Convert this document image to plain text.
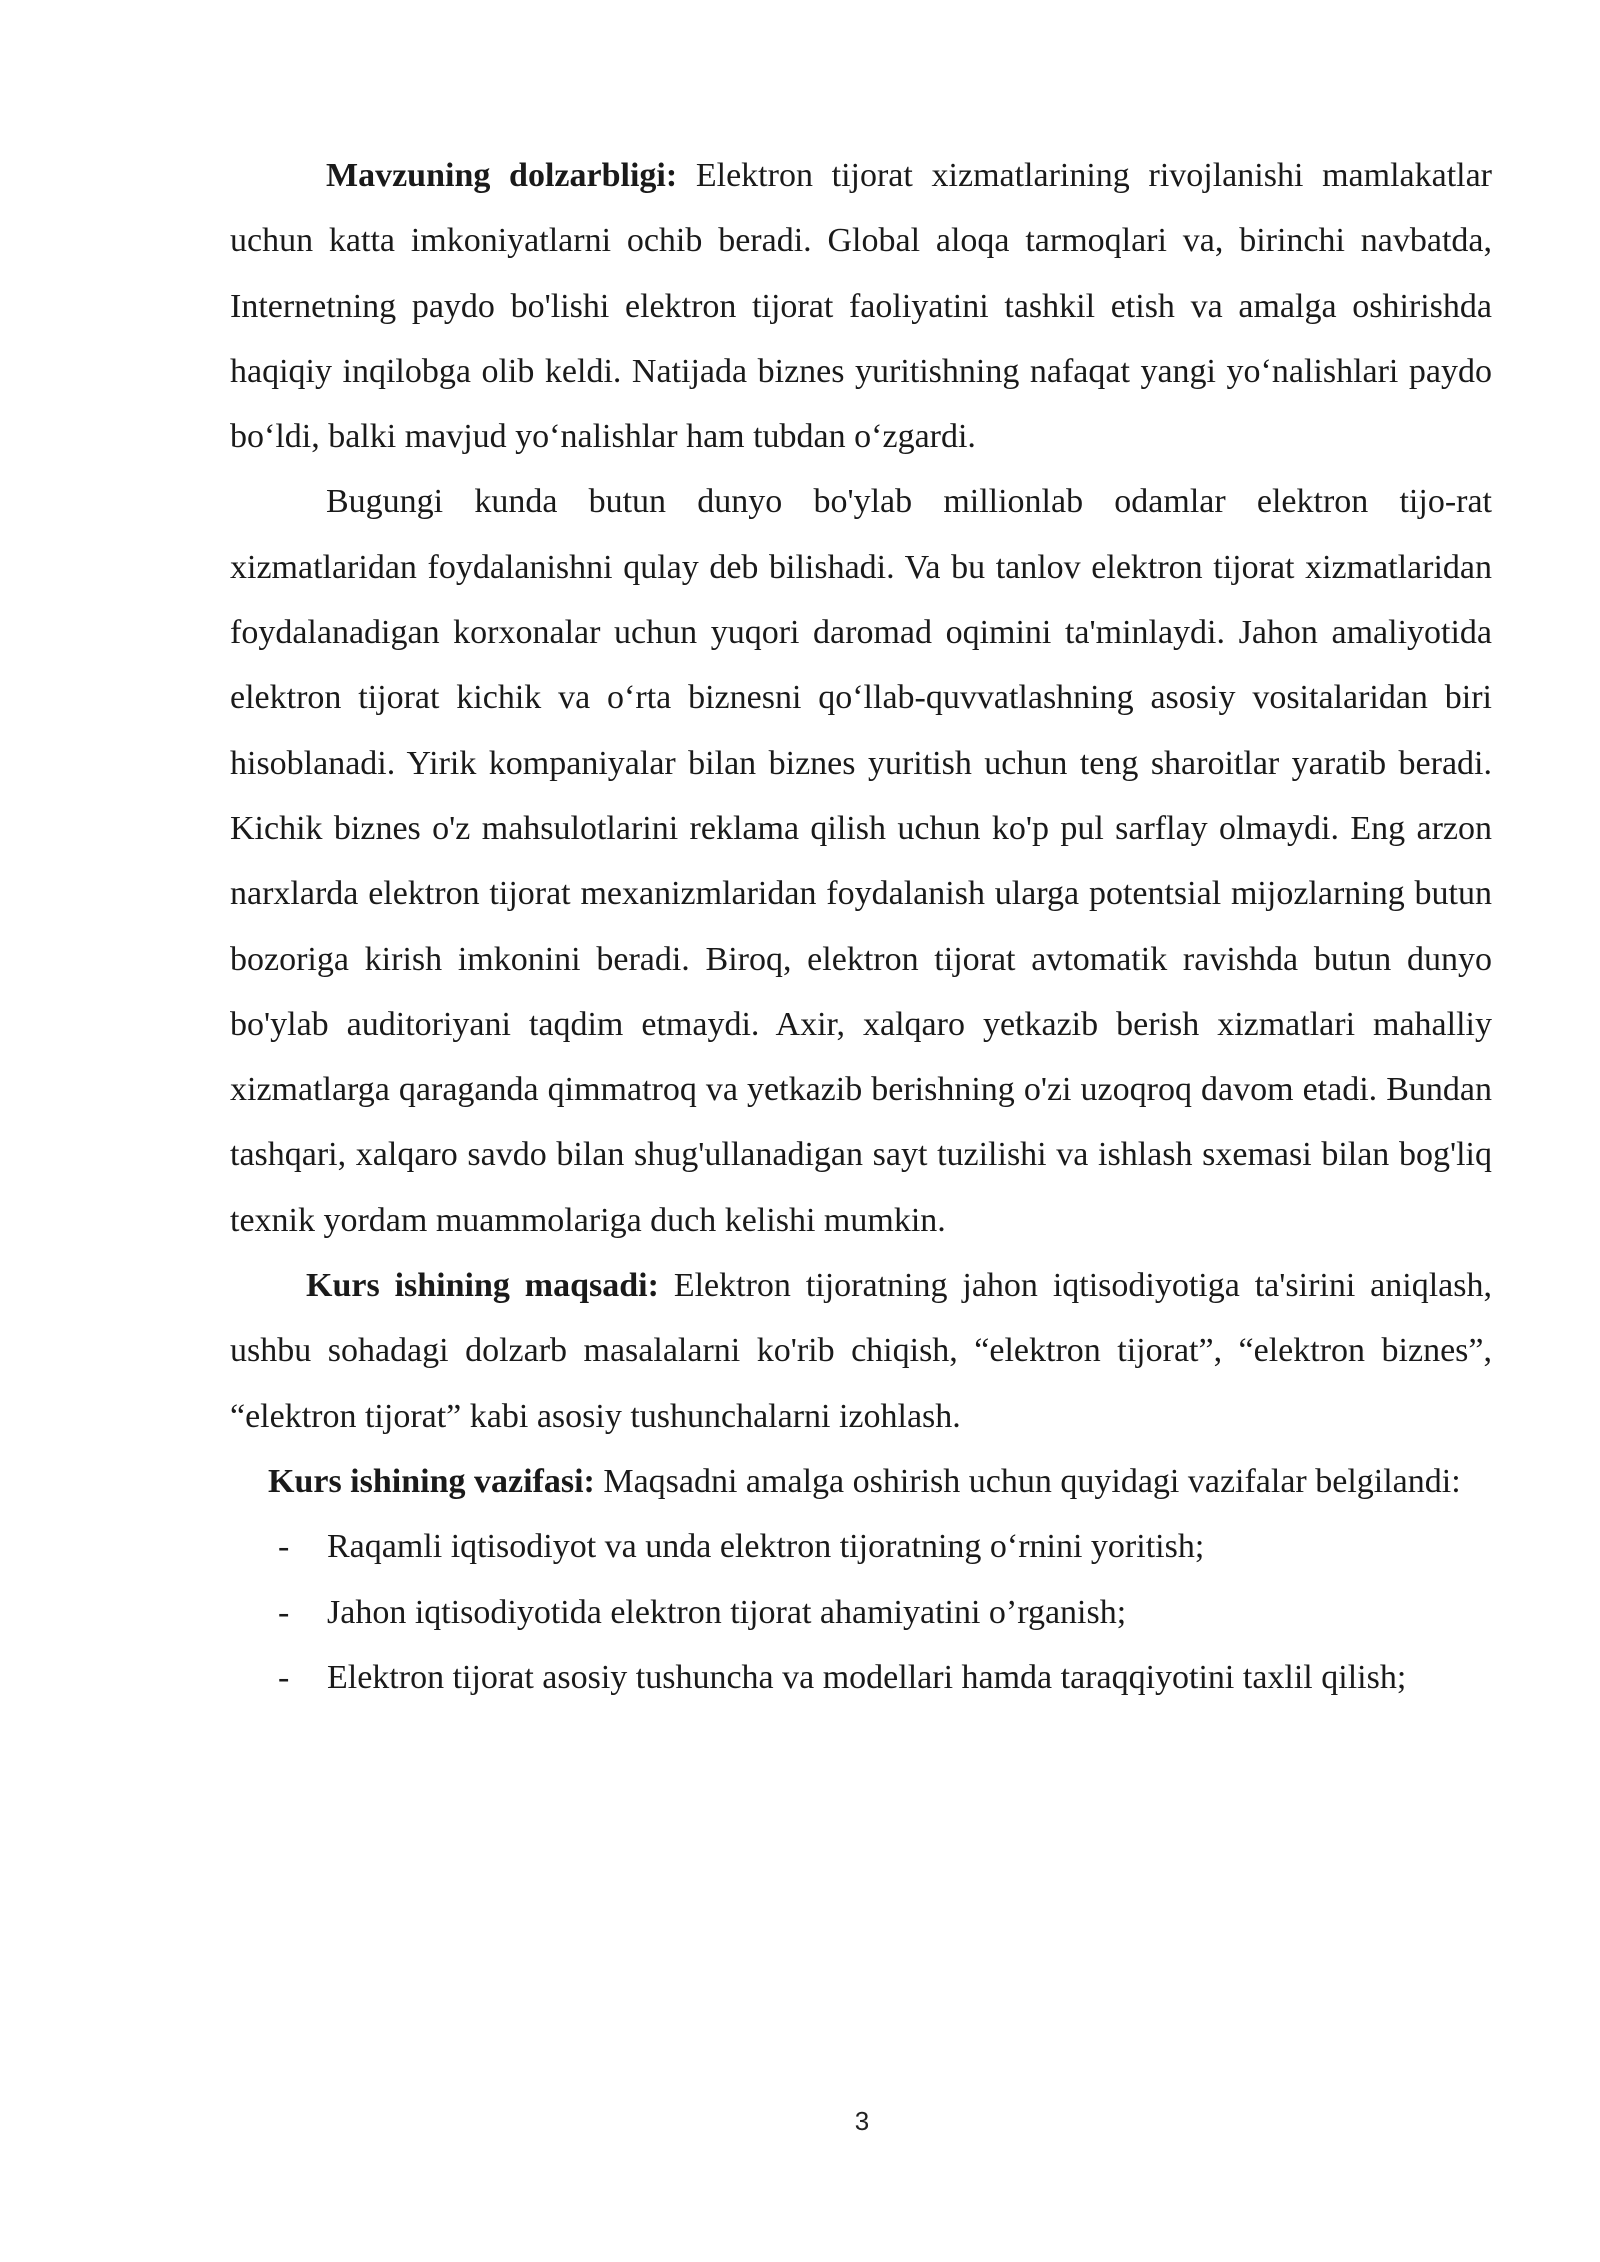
Mavzuning dolzarbligi: Elektron tijorat xizmatlarining rivojlanishi mamlakatlar uchun katta imkoniyatlarni ochib beradi. Global aloqa tarmoqlari va, birinchi navbatda, Internetning paydo bo'lishi elektron tijorat faoliyatini tashkil etish va amalga oshirishda haqiqiy inqilobga olib keldi. Natijada biznes yuritishning nafaqat yangi yo‘nalishlari paydo bo‘ldi, balki mavjud yo‘nalishlar ham tubdan o‘zgardi.

Bugungi kunda butun dunyo bo'ylab millionlab odamlar elektron tijo-rat xizmatlaridan foydalanishni qulay deb bilishadi. Va bu tanlov elektron tijorat xizmatlaridan foydalanadigan korxonalar uchun yuqori daromad oqimini ta'minlaydi. Jahon amaliyotida elektron tijorat kichik va o‘rta biznesni qo‘llab-quvvatlashning asosiy vositalaridan biri hisoblanadi. Yirik kompaniyalar bilan biznes yuritish uchun teng sharoitlar yaratib beradi. Kichik biznes o'z mahsulotlarini reklama qilish uchun ko'p pul sarflay olmaydi. Eng arzon narxlarda elektron tijorat mexanizmlaridan foydalanish ularga potentsial mijozlarning butun bozoriga kirish imkonini beradi. Biroq, elektron tijorat avtomatik ravishda butun dunyo bo'ylab auditoriyani taqdim etmaydi. Axir, xalqaro yetkazib berish xizmatlari mahalliy xizmatlarga qaraganda qimmatroq va yetkazib berishning o'zi uzoqroq davom etadi. Bundan tashqari, xalqaro savdo bilan shug'ullanadigan sayt tuzilishi va ishlash sxemasi bilan bog'liq texnik yordam muammolariga duch kelishi mumkin.

Kurs ishining maqsadi: Elektron tijoratning jahon iqtisodiyotiga ta'sirini aniqlash, ushbu sohadagi dolzarb masalalarni ko'rib chiqish, “elektron tijorat”, “elektron biznes”, “elektron tijorat” kabi asosiy tushunchalarni izohlash.

Kurs ishining vazifasi: Maqsadni amalga oshirish uchun quyidagi vazifalar belgilandi:

- Raqamli iqtisodiyot va unda elektron tijoratning o‘rnini yoritish;
- Jahon iqtisodiyotida elektron tijorat ahamiyatini o’rganish;
- Elektron tijorat asosiy tushuncha va modellari hamda taraqqiyotini taxlil qilish;
3
